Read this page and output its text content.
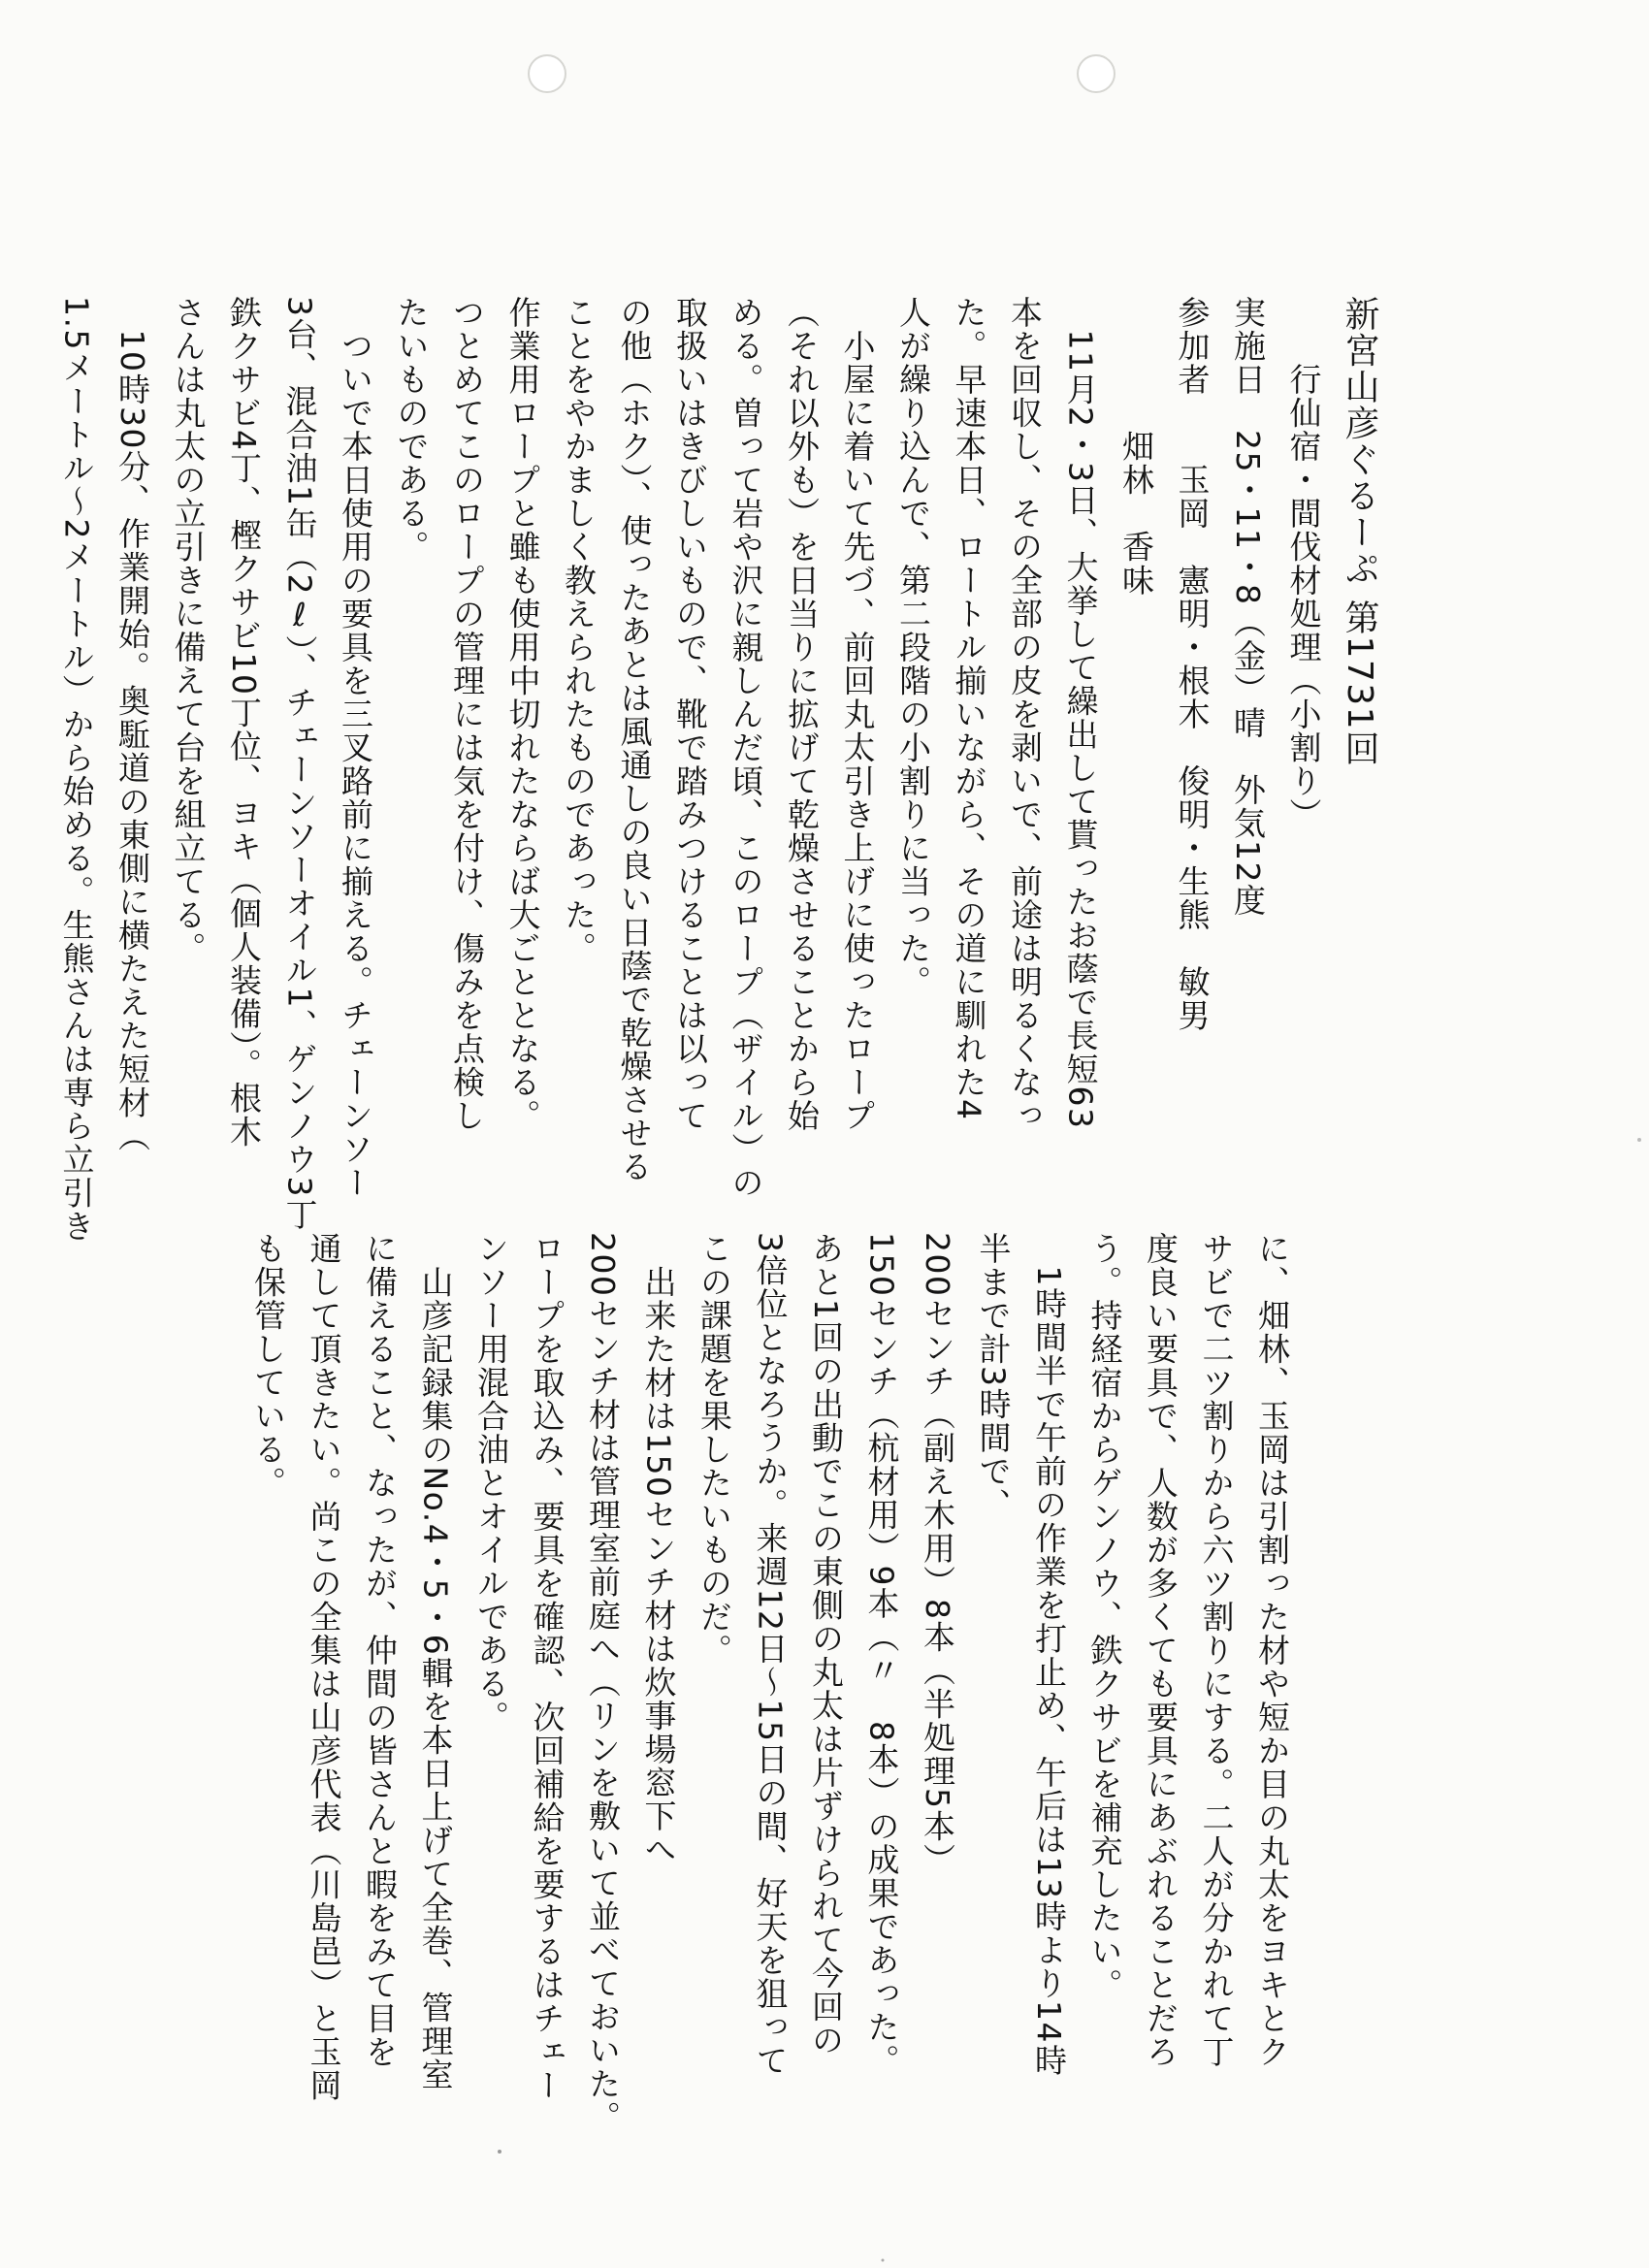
新宮山彦ぐるーぷ 第1731回
　　行仙宿・間伐材処理（小割り）
実施日　25・11・8（金）晴　外気12度
参加者　　玉岡　憲明・根木　俊明・生熊　敏男
　　　　畑林　香味
　11月2・3日、大挙して繰出して貰ったお蔭で長短63
本を回収し、その全部の皮を剥いで、前途は明るくなっ
た。早速本日、ロートル揃いながら、その道に馴れた4
人が繰り込んで、第二段階の小割りに当った。
　小屋に着いて先づ、前回丸太引き上げに使ったロープ
（それ以外も）を日当りに拡げて乾燥させることから始
める。曽って岩や沢に親しんだ頃、このロープ（ザイル）の
取扱いはきびしいもので、靴で踏みつけることは以って
の他（ホク）、使ったあとは風通しの良い日蔭で乾燥させる
ことをやかましく教えられたものであった。
作業用ロープと雖も使用中切れたならば大ごととなる。
つとめてこのロープの管理には気を付け、傷みを点検し
たいものである。
　ついで本日使用の要具を三叉路前に揃える。チェーンソー
3台、混合油1缶（2ℓ）、チェーンソーオイル1、ゲンノウ3丁
鉄クサビ4丁、樫クサビ10丁位、ヨキ（個人装備）。根木
さんは丸太の立引きに備えて台を組立てる。
　10時30分、作業開始。奥駈道の東側に横たえた短材（
1.5メートル～2メートル）から始める。生熊さんは専ら立引き
に、畑林、玉岡は引割った材や短か目の丸太をヨキとク
サビで二ツ割りから六ツ割りにする。二人が分かれて丁
度良い要具で、人数が多くても要具にあぶれることだろ
う。持経宿からゲンノウ、鉄クサビを補充したい。
　1時間半で午前の作業を打止め、午后は13時より14時
半まで計3時間で、
200センチ（副え木用）8本（半処理5本）
150センチ（杭材用）9本（〃　8本）の成果であった。
あと1回の出動でこの東側の丸太は片ずけられて今回の
3倍位となろうか。来週12日～15日の間、好天を狙って
この課題を果したいものだ。
　出来た材は150センチ材は炊事場窓下へ
200センチ材は管理室前庭へ（リンを敷いて並べておいた。
ロープを取込み、要具を確認、次回補給を要するはチェー
ンソー用混合油とオイルである。
　山彦記録集のNo.4・5・6輯を本日上げて全巻、管理室
に備えること、なったが、仲間の皆さんと暇をみて目を
通して頂きたい。尚この全集は山彦代表（川島邑）と玉岡
も保管している。
